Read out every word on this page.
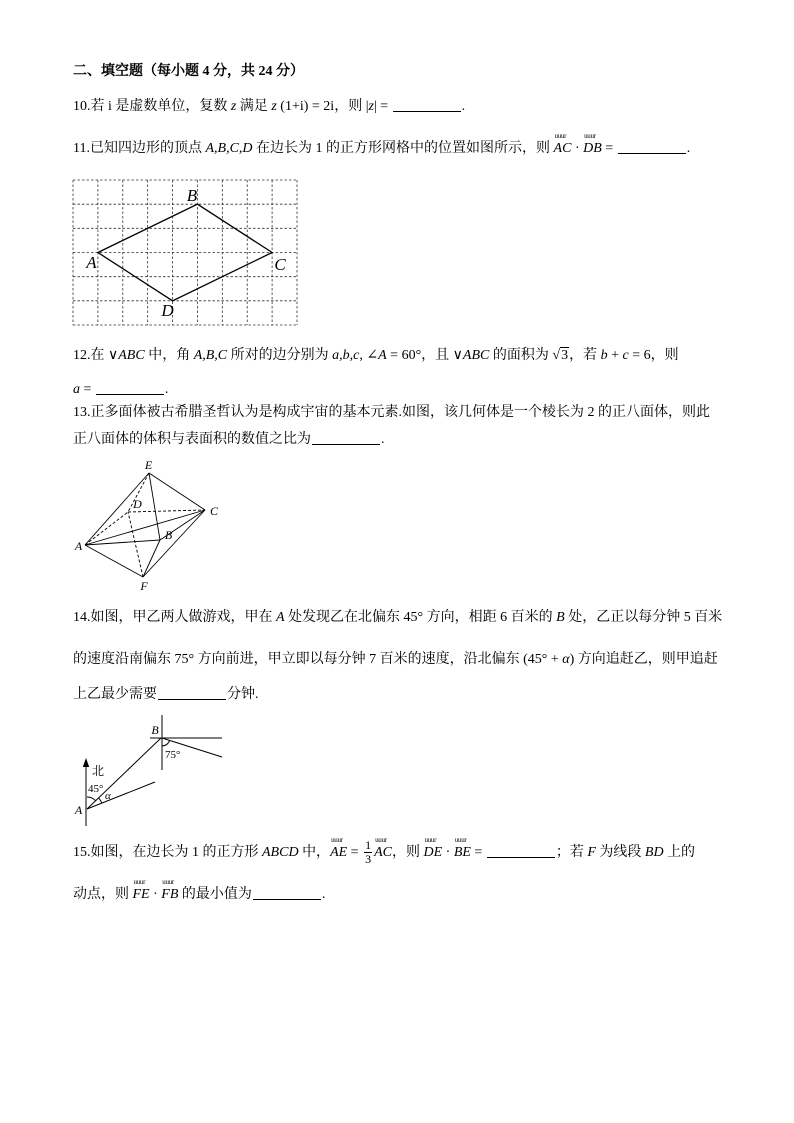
二、填空题（每小题 4 分，共 24 分）
10.若 i 是虚数单位，复数 z 满足 z (1+i) = 2i，则 |z| =	.
11.已知四边形的顶点 A,B,C,D 在边长为 1 的正方形网格中的位置如图所示，则
uuur
AC ·
uuur
DB =	.
B
A	C
D
12.在 ∨ABC 中，角 A,B,C 所对的边分别为 a,b,c, ∠A = 60°，且 ∨ABC 的面积为 √3，若 b + c = 6，则
a =	.
13.正多面体被古希腊圣哲认为是构成宇宙的基本元素.如图，该几何体是一个棱长为 2 的正八面体，则此
正八面体的体积与表面积的数值之比为	.
E
D	C
A
B
F
14.如图，甲乙两人做游戏，甲在 A 处发现乙在北偏东 45° 方向，相距 6 百米的 B 处，乙正以每分钟 5 百米
的速度沿南偏东 75° 方向前进，甲立即以每分钟 7 百米的速度，沿北偏东 (45° + α) 方向追赶乙，则甲追赶
上乙最少需要	分钟.
北
45°
α
75°
A
B
15.如图，在边长为 1 的正方形 ABCD 中，
uuur
AE = $\frac{1}{3}$ uuur
AC，则
uuur
DE ·
uuur
BE =	；若 F 为线段 BD 上的
动点，则
uuur
FE ·
uuur
FB 的最小值为	.
